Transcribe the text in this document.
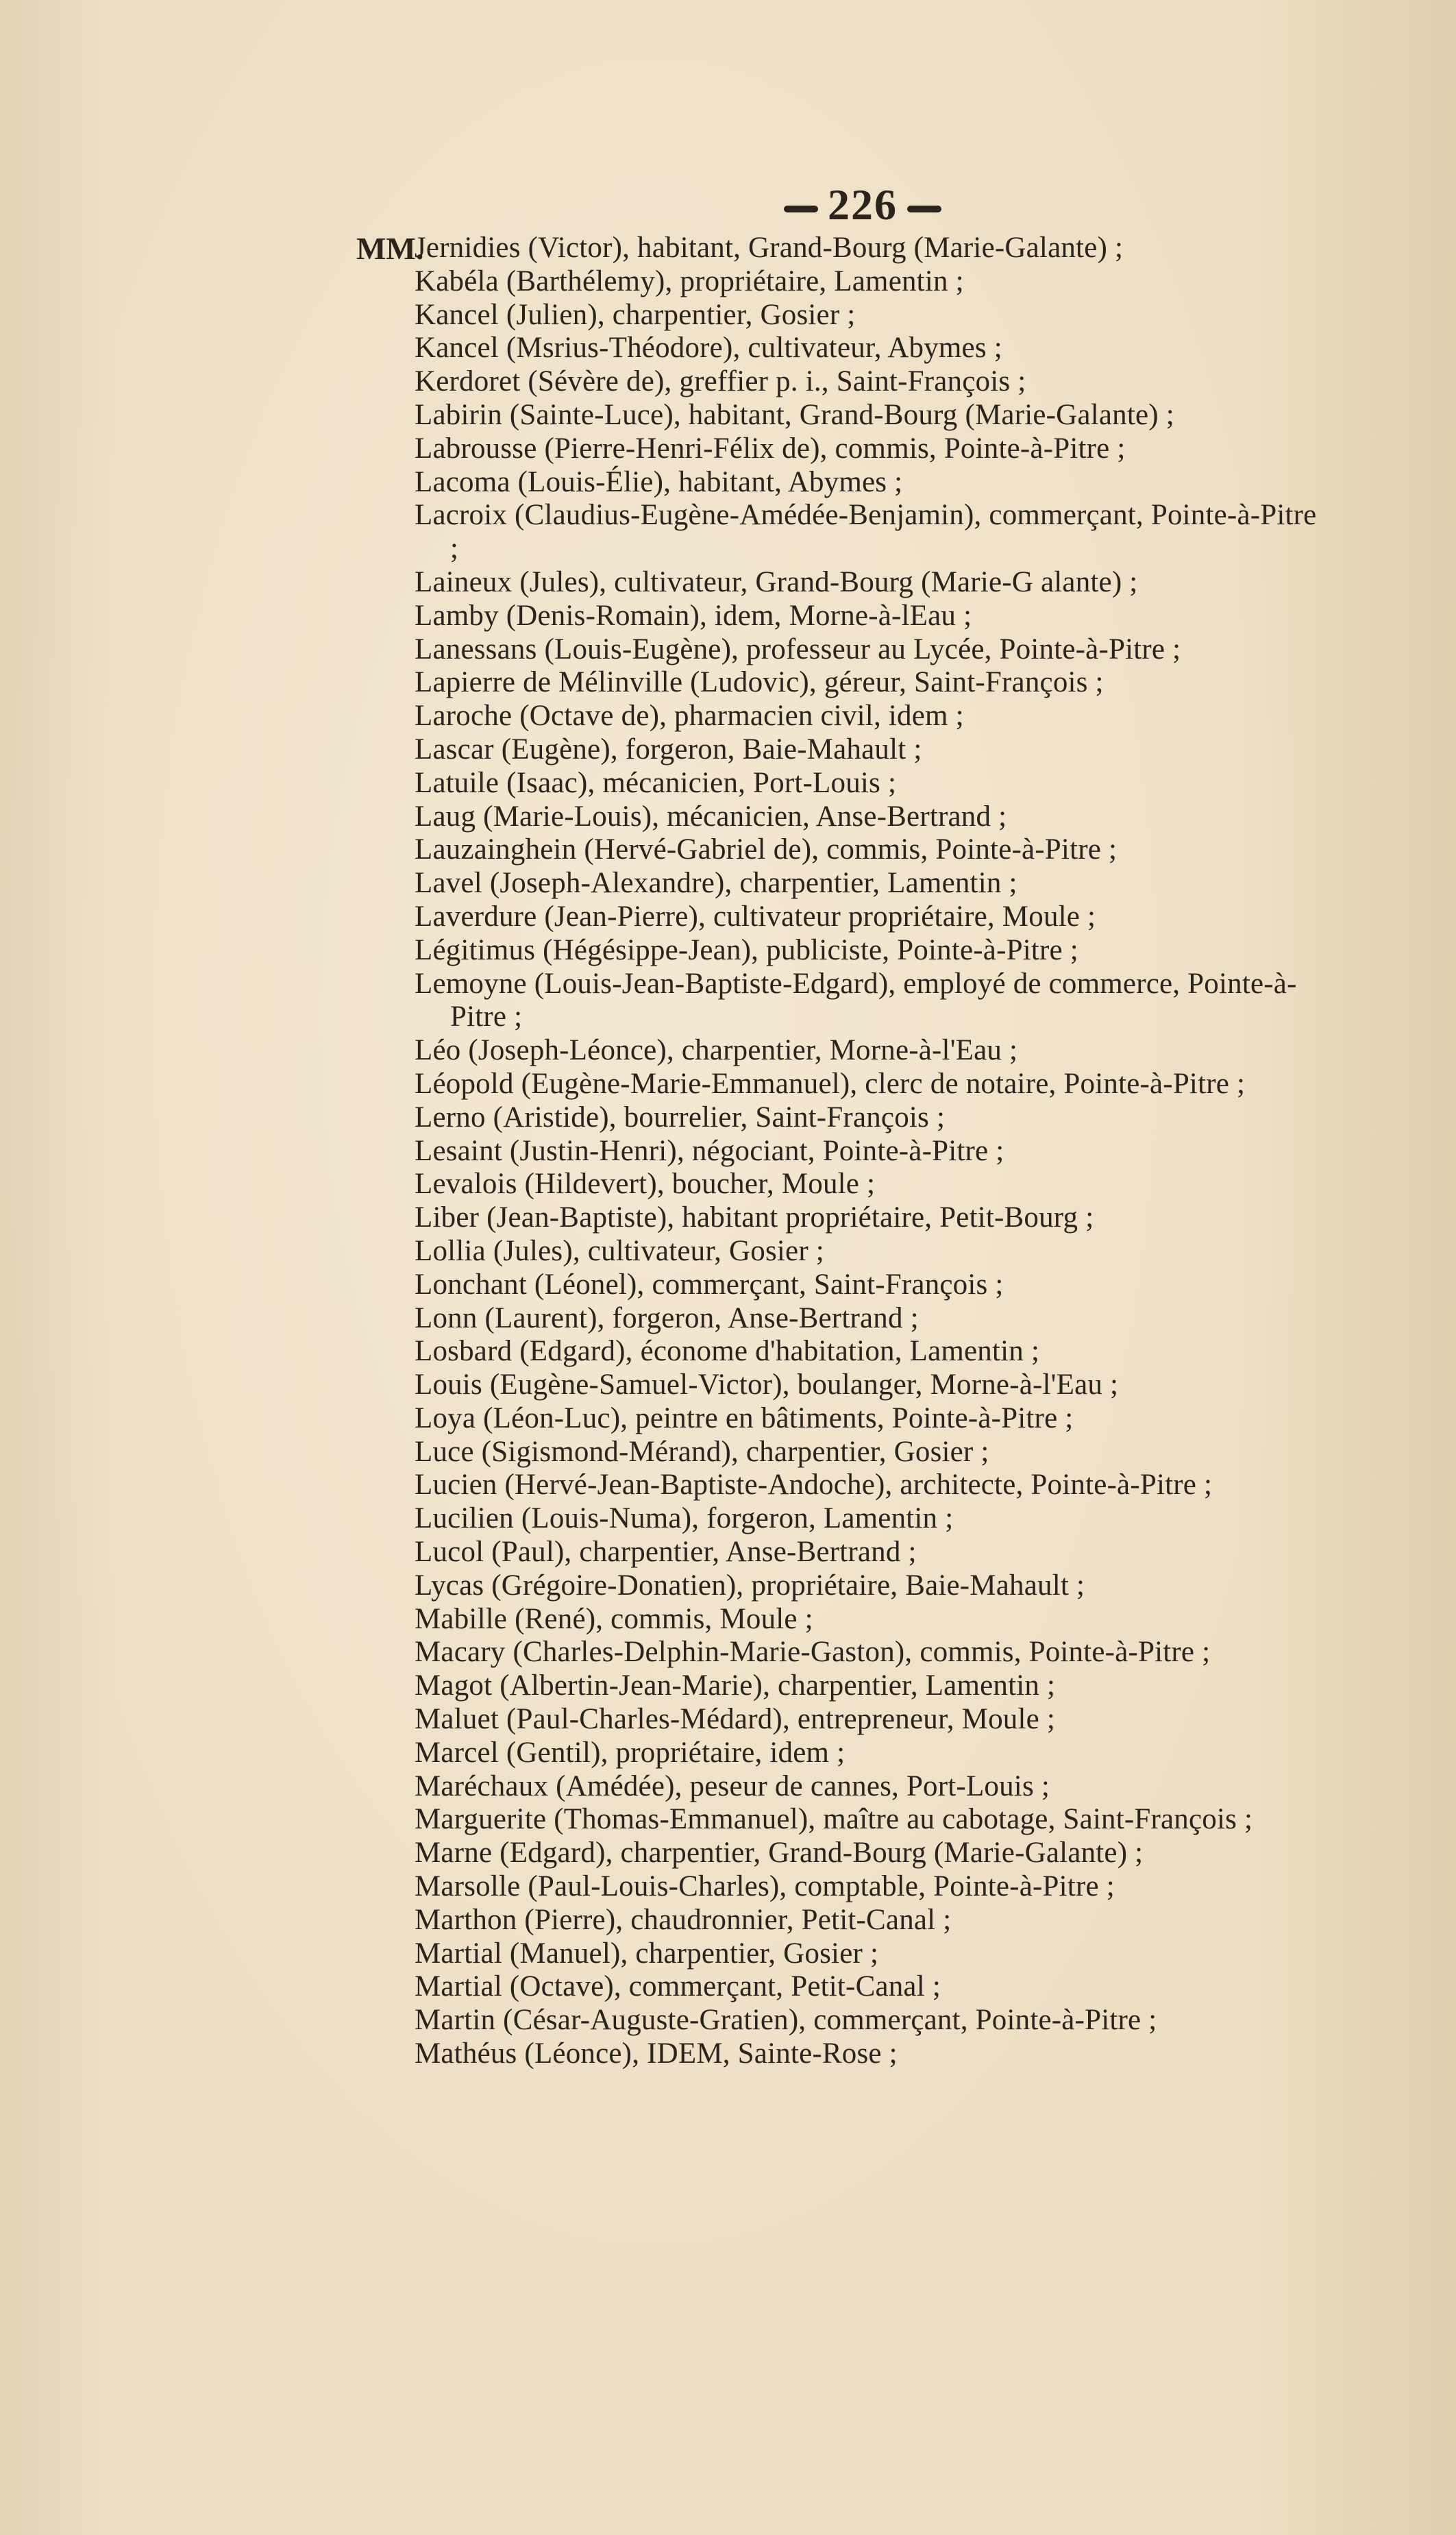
226
MM.
Jernidies (Victor), habitant, Grand-Bourg (Marie-Galante) ;
Kabéla (Barthélemy), propriétaire, Lamentin ;
Kancel (Julien), charpentier, Gosier ;
Kancel (Msrius-Théodore), cultivateur, Abymes ;
Kerdoret (Sévère de), greffier p. i., Saint-François ;
Labirin (Sainte-Luce), habitant, Grand-Bourg (Marie-Galante) ;
Labrousse (Pierre-Henri-Félix de), commis, Pointe-à-Pitre ;
Lacoma (Louis-Élie), habitant, Abymes ;
Lacroix (Claudius-Eugène-Amédée-Benjamin), commerçant, Pointe-à-Pitre ;
Laineux (Jules), cultivateur, Grand-Bourg (Marie-G alante) ;
Lamby (Denis-Romain), idem, Morne-à-lEau ;
Lanessans (Louis-Eugène), professeur au Lycée, Pointe-à-Pitre ;
Lapierre de Mélinville (Ludovic), géreur, Saint-François ;
Laroche (Octave de), pharmacien civil, idem ;
Lascar (Eugène), forgeron, Baie-Mahault ;
Latuile (Isaac), mécanicien, Port-Louis ;
Laug (Marie-Louis), mécanicien, Anse-Bertrand ;
Lauzainghein (Hervé-Gabriel de), commis, Pointe-à-Pitre ;
Lavel (Joseph-Alexandre), charpentier, Lamentin ;
Laverdure (Jean-Pierre), cultivateur propriétaire, Moule ;
Légitimus (Hégésippe-Jean), publiciste, Pointe-à-Pitre ;
Lemoyne (Louis-Jean-Baptiste-Edgard), employé de commerce, Pointe-à-Pitre ;
Léo (Joseph-Léonce), charpentier, Morne-à-l'Eau ;
Léopold (Eugène-Marie-Emmanuel), clerc de notaire, Pointe-à-Pitre ;
Lerno (Aristide), bourrelier, Saint-François ;
Lesaint (Justin-Henri), négociant, Pointe-à-Pitre ;
Levalois (Hildevert), boucher, Moule ;
Liber (Jean-Baptiste), habitant propriétaire, Petit-Bourg ;
Lollia (Jules), cultivateur, Gosier ;
Lonchant (Léonel), commerçant, Saint-François ;
Lonn (Laurent), forgeron, Anse-Bertrand ;
Losbard (Edgard), économe d'habitation, Lamentin ;
Louis (Eugène-Samuel-Victor), boulanger, Morne-à-l'Eau ;
Loya (Léon-Luc), peintre en bâtiments, Pointe-à-Pitre ;
Luce (Sigismond-Mérand), charpentier, Gosier ;
Lucien (Hervé-Jean-Baptiste-Andoche), architecte, Pointe-à-Pitre ;
Lucilien (Louis-Numa), forgeron, Lamentin ;
Lucol (Paul), charpentier, Anse-Bertrand ;
Lycas (Grégoire-Donatien), propriétaire, Baie-Mahault ;
Mabille (René), commis, Moule ;
Macary (Charles-Delphin-Marie-Gaston), commis, Pointe-à-Pitre ;
Magot (Albertin-Jean-Marie), charpentier, Lamentin ;
Maluet (Paul-Charles-Médard), entrepreneur, Moule ;
Marcel (Gentil), propriétaire, idem ;
Maréchaux (Amédée), peseur de cannes, Port-Louis ;
Marguerite (Thomas-Emmanuel), maître au cabotage, Saint-François ;
Marne (Edgard), charpentier, Grand-Bourg (Marie-Galante) ;
Marsolle (Paul-Louis-Charles), comptable, Pointe-à-Pitre ;
Marthon (Pierre), chaudronnier, Petit-Canal ;
Martial (Manuel), charpentier, Gosier ;
Martial (Octave), commerçant, Petit-Canal ;
Martin (César-Auguste-Gratien), commerçant, Pointe-à-Pitre ;
Mathéus (Léonce), IDEM, Sainte-Rose ;
